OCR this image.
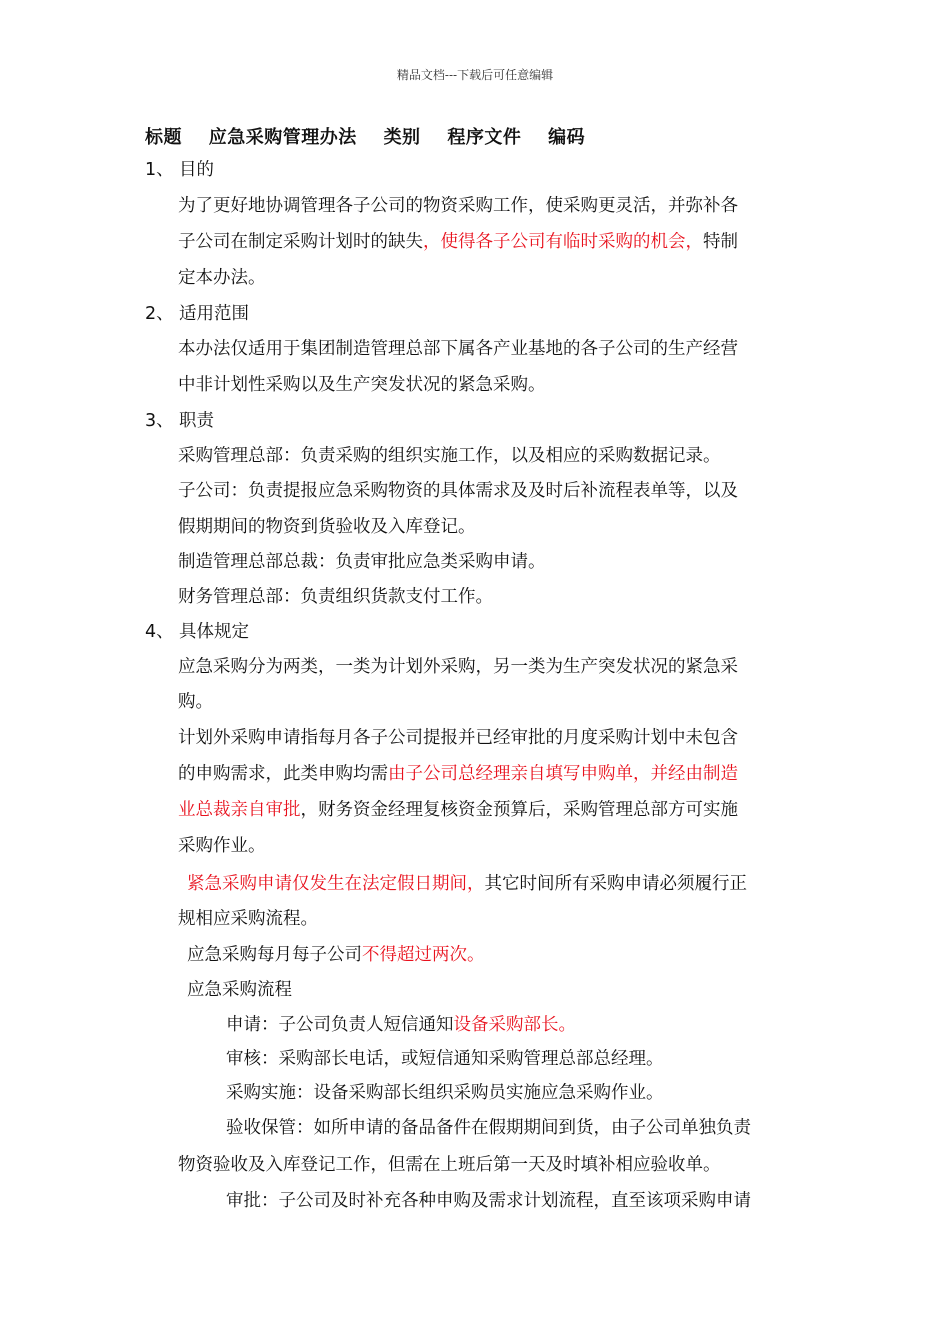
精品文档---下载后可任意编辑
标题 应急采购管理办法 类别 程序文件 编码
1、 目的
为了更好地协调管理各子公司的物资采购工作，使采购更灵活，并弥补各
子公司在制定采购计划时的缺失，使得各子公司有临时采购的机会，特制
定本办法。
2、 适用范围
本办法仅适用于集团制造管理总部下属各产业基地的各子公司的生产经营
中非计划性采购以及生产突发状况的紧急采购。
3、 职责
采购管理总部：负责采购的组织实施工作，以及相应的采购数据记录。
子公司：负责提报应急采购物资的具体需求及及时后补流程表单等，以及
假期期间的物资到货验收及入库登记。
制造管理总部总裁：负责审批应急类采购申请。
财务管理总部：负责组织货款支付工作。
4、 具体规定
应急采购分为两类，一类为计划外采购，另一类为生产突发状况的紧急采
购。
计划外采购申请指每月各子公司提报并已经审批的月度采购计划中未包含
的申购需求，此类申购均需由子公司总经理亲自填写申购单，并经由制造
业总裁亲自审批，财务资金经理复核资金预算后，采购管理总部方可实施
采购作业。
紧急采购申请仅发生在法定假日期间，其它时间所有采购申请必须履行正
规相应采购流程。
应急采购每月每子公司不得超过两次。
应急采购流程
申请：子公司负责人短信通知设备采购部长。
审核：采购部长电话，或短信通知采购管理总部总经理。
采购实施：设备采购部长组织采购员实施应急采购作业。
验收保管：如所申请的备品备件在假期期间到货，由子公司单独负责
物资验收及入库登记工作，但需在上班后第一天及时填补相应验收单。
审批：子公司及时补充各种申购及需求计划流程，直至该项采购申请
